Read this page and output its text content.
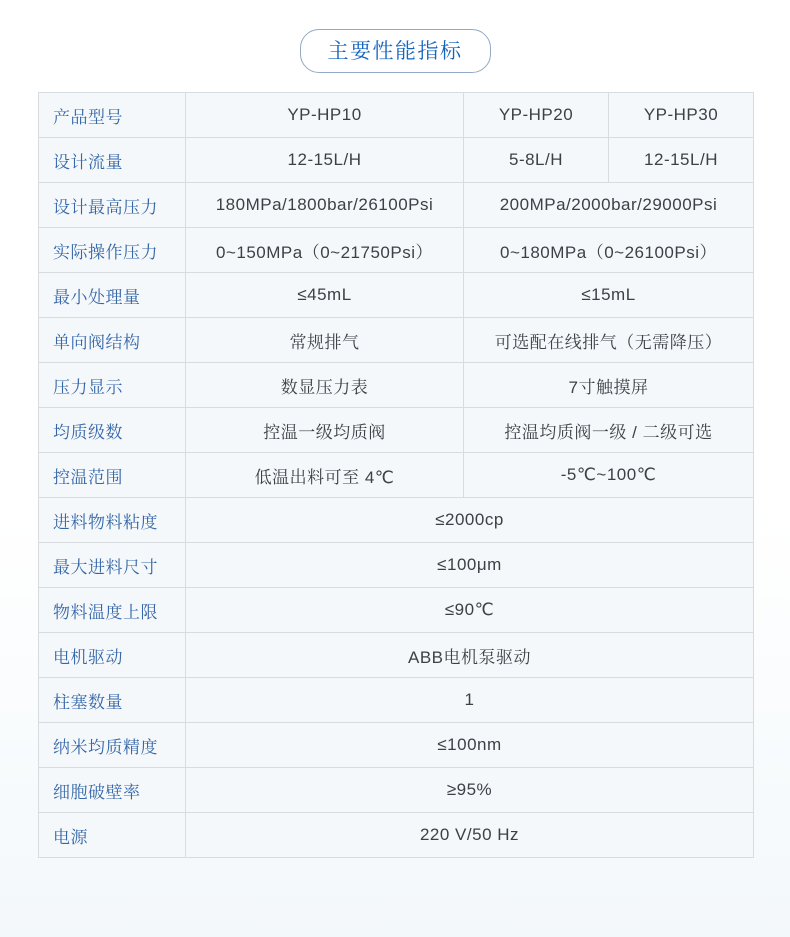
主要性能指标
产品型号	YP-HP10	YP-HP20	YP-HP30
设计流量	12-15L/H	5-8L/H	12-15L/H
设计最高压力	180MPa/1800bar/26100Psi	200MPa/2000bar/29000Psi	
实际操作压力	0~150MPa（0~21750Psi）	0~180MPa（0~26100Psi）	
最小处理量	≤45mL	≤15mL	
单向阀结构	常规排气	可选配在线排气（无需降压）	
压力显示	数显压力表	7寸触摸屏	
均质级数	控温一级均质阀	控温均质阀一级 / 二级可选	
控温范围	低温出料可至 4℃	-5℃~100℃	
进料物料粘度	≤2000cp		
最大进料尺寸	≤100μm		
物料温度上限	≤90℃		
电机驱动	ABB电机泵驱动		
柱塞数量	1		
纳米均质精度	≤100nm		
细胞破壁率	≥95%		
电源	220 V/50 Hz		
